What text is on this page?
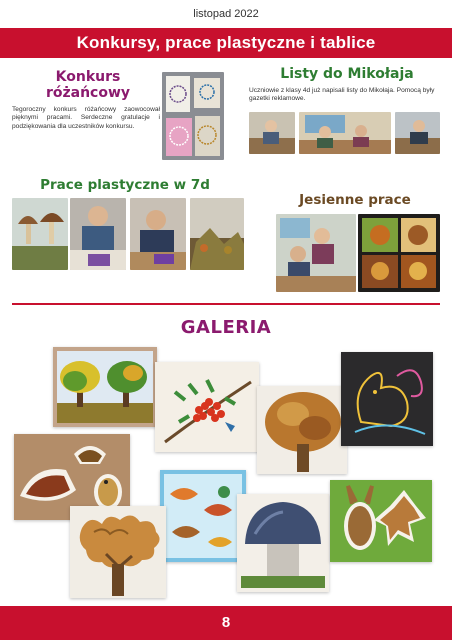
listopad 2022
Konkursy, prace plastyczne i tablice
Konkurs różańcowy
Tegoroczny konkurs różańcowy zaowocował pięknymi pracami. Serdeczne gratulacje i podziękowania dla uczestników konkursu.
Listy do Mikołaja
Uczniowie z klasy 4d już napisali listy do Mikołaja. Pomocą były gazetki reklamowe.
Prace plastyczne w 7d
Jesienne prace
GALERIA
8
